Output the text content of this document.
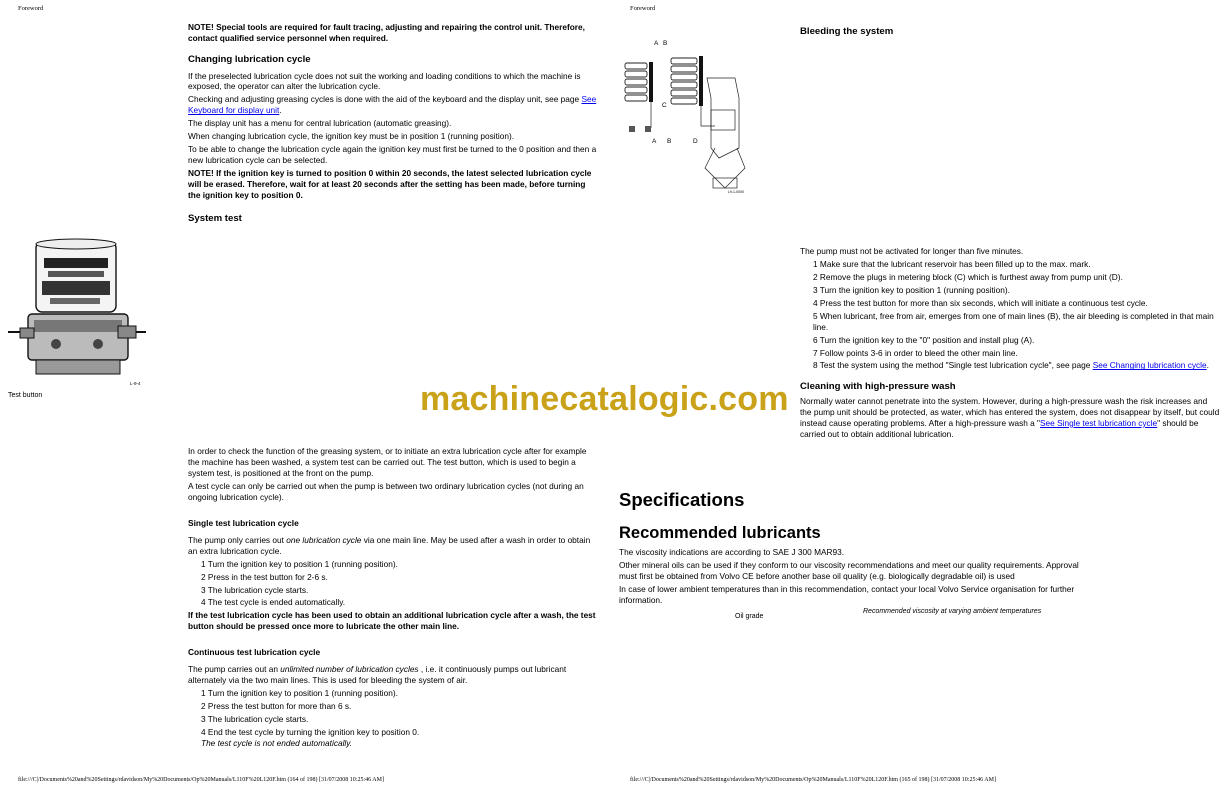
Foreword

NOTE! Special tools are required for fault tracing, adjusting and repairing the control unit. Therefore, contact qualified service personnel when required.

Changing lubrication cycle

If the preselected lubrication cycle does not suit the working and loading conditions to which the machine is exposed, the operator can alter the lubrication cycle.

Checking and adjusting greasing cycles is done with the aid of the keyboard and the display unit, see page See Keyboard for display unit.

The display unit has a menu for central lubrication (automatic greasing).

When changing lubrication cycle, the ignition key must be in position 1 (running position).

To be able to change the lubrication cycle again the ignition key must first be turned to the 0 position and then a new lubrication cycle can be selected.

NOTE! If the ignition key is turned to position 0 within 20 seconds, the latest selected lubrication cycle will be erased. Therefore, wait for at least 20 seconds after the setting has been made, before turning the ignition key to position 0.

System test
L-9-4
Test button

In order to check the function of the greasing system, or to initiate an extra lubrication cycle after for example the machine has been washed, a system test can be carried out. The test button, which is used to begin a system test, is positioned at the front on the pump.

A test cycle can only be carried out when the pump is between two ordinary lubrication cycles (not during an ongoing lubrication cycle).

Single test lubrication cycle

The pump only carries out one lubrication cycle via one main line. May be used after a wash in order to obtain an extra lubrication cycle.

1 Turn the ignition key to position 1 (running position).

2 Press in the test button for 2-6 s.

3 The lubrication cycle starts.

4 The test cycle is ended automatically.

If the test lubrication cycle has been used to obtain an additional lubrication cycle after a wash, the test button should be pressed once more to lubricate the other main line.

Continuous test lubrication cycle

The pump carries out an unlimited number of lubrication cycles , i.e. it continuously pumps out lubricant alternately via the two main lines. This is used for bleeding the system of air.

1 Turn the ignition key to position 1 (running position).

2 Press the test button for more than 6 s.

3 The lubrication cycle starts.

4 End the test cycle by turning the ignition key to position 0.

The test cycle is not ended automatically.

file:///C|/Documents%20and%20Settings/rdavidson/My%20Documents/Op%20Manuals/L110F%20L120F.htm (164 of 198) [31/07/2008 10:25:46 AM]
Foreword
A B
C
D
A B
L9-1-0000
Bleeding the system

The pump must not be activated for longer than five minutes.

1 Make sure that the lubricant reservoir has been filled up to the max. mark.

2 Remove the plugs in metering block (C) which is furthest away from pump unit (D).

3 Turn the ignition key to position 1 (running position).

4 Press the test button for more than six seconds, which will initiate a continuous test cycle.

5 When lubricant, free from air, emerges from one of main lines (B), the air bleeding is completed in that main line.

6 Turn the ignition key to the "0" position and install plug (A).

7 Follow points 3-6 in order to bleed the other main line.

8 Test the system using the method "Single test lubrication cycle", see page See Changing lubrication cycle.

Cleaning with high-pressure wash

Normally water cannot penetrate into the system. However, during a high-pressure wash the risk increases and the pump unit should be protected, as water, which has entered the system, does not disappear by itself, but could instead cause operating problems. After a high-pressure wash a "See Single test lubrication cycle" should be carried out to obtain additional lubrication.

Specifications
Recommended lubricants

The viscosity indications are according to SAE J 300 MAR93.

Other mineral oils can be used if they conform to our viscosity recommendations and meet our quality requirements. Approval must first be obtained from Volvo CE before another base oil quality (e.g. biologically degradable oil) is used

In case of lower ambient temperatures than in this recommendation, contact your local Volvo Service organisation for further information.

Oil grade
Recommended viscosity at varying ambient temperatures
file:///C|/Documents%20and%20Settings/rdavidson/My%20Documents/Op%20Manuals/L110F%20L120F.htm (165 of 198) [31/07/2008 10:25:46 AM]
machinecatalogic.com
